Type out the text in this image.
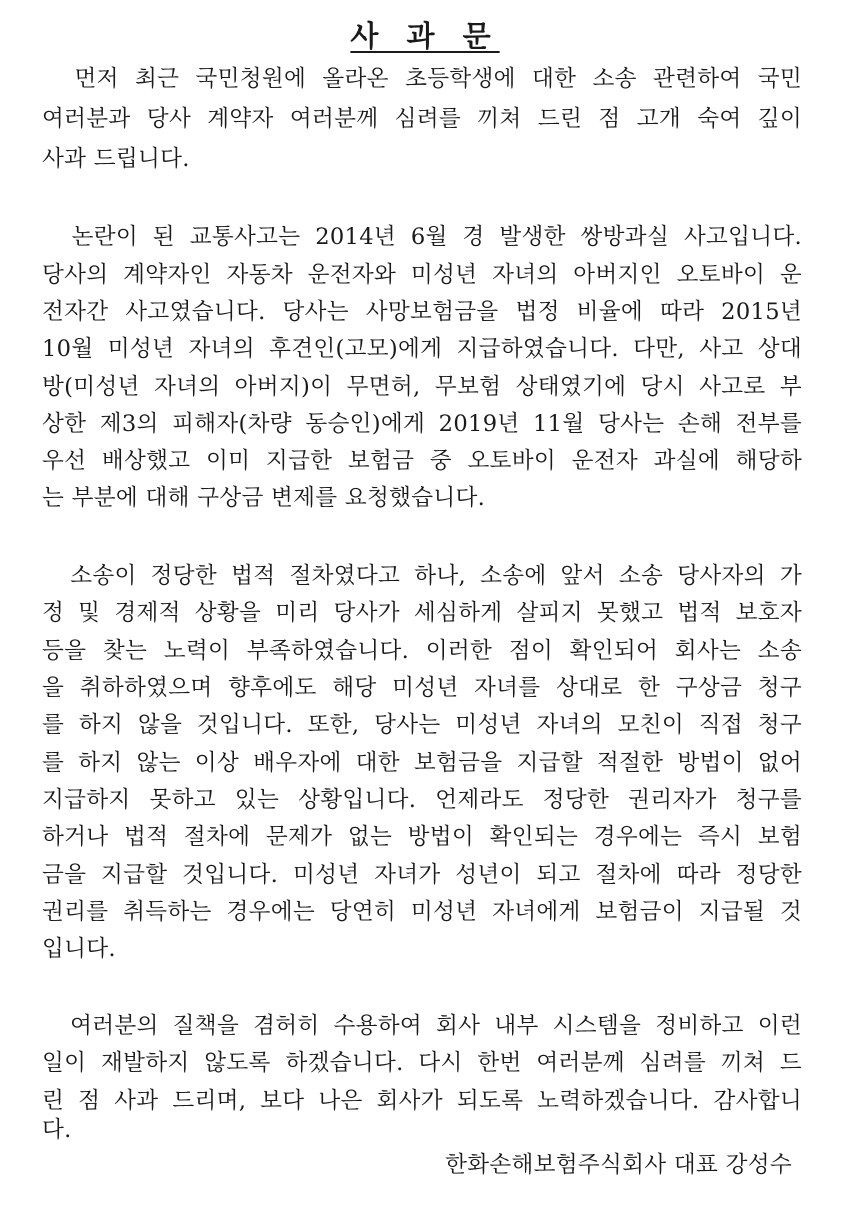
사 과 문
먼저 최근 국민청원에 올라온 초등학생에 대한 소송 관련하여 국민
여러분과 당사 계약자 여러분께 심려를 끼쳐 드린 점 고개 숙여 깊이
사과 드립니다.
논란이 된 교통사고는 2014년 6월 경 발생한 쌍방과실 사고입니다.
당사의 계약자인 자동차 운전자와 미성년 자녀의 아버지인 오토바이 운
전자간 사고였습니다. 당사는 사망보험금을 법정 비율에 따라 2015년
10월 미성년 자녀의 후견인(고모)에게 지급하였습니다. 다만, 사고 상대
방(미성년 자녀의 아버지)이 무면허, 무보험 상태였기에 당시 사고로 부
상한 제3의 피해자(차량 동승인)에게 2019년 11월 당사는 손해 전부를
우선 배상했고 이미 지급한 보험금 중 오토바이 운전자 과실에 해당하
는 부분에 대해 구상금 변제를 요청했습니다.
소송이 정당한 법적 절차였다고 하나, 소송에 앞서 소송 당사자의 가
정 및 경제적 상황을 미리 당사가 세심하게 살피지 못했고 법적 보호자
등을 찾는 노력이 부족하였습니다. 이러한 점이 확인되어 회사는 소송
을 취하하였으며 향후에도 해당 미성년 자녀를 상대로 한 구상금 청구
를 하지 않을 것입니다. 또한, 당사는 미성년 자녀의 모친이 직접 청구
를 하지 않는 이상 배우자에 대한 보험금을 지급할 적절한 방법이 없어
지급하지 못하고 있는 상황입니다. 언제라도 정당한 권리자가 청구를
하거나 법적 절차에 문제가 없는 방법이 확인되는 경우에는 즉시 보험
금을 지급할 것입니다. 미성년 자녀가 성년이 되고 절차에 따라 정당한
권리를 취득하는 경우에는 당연히 미성년 자녀에게 보험금이 지급될 것
입니다.
여러분의 질책을 겸허히 수용하여 회사 내부 시스템을 정비하고 이런
일이 재발하지 않도록 하겠습니다. 다시 한번 여러분께 심려를 끼쳐 드
린 점 사과 드리며, 보다 나은 회사가 되도록 노력하겠습니다. 감사합니
다.
한화손해보험주식회사 대표 강성수
